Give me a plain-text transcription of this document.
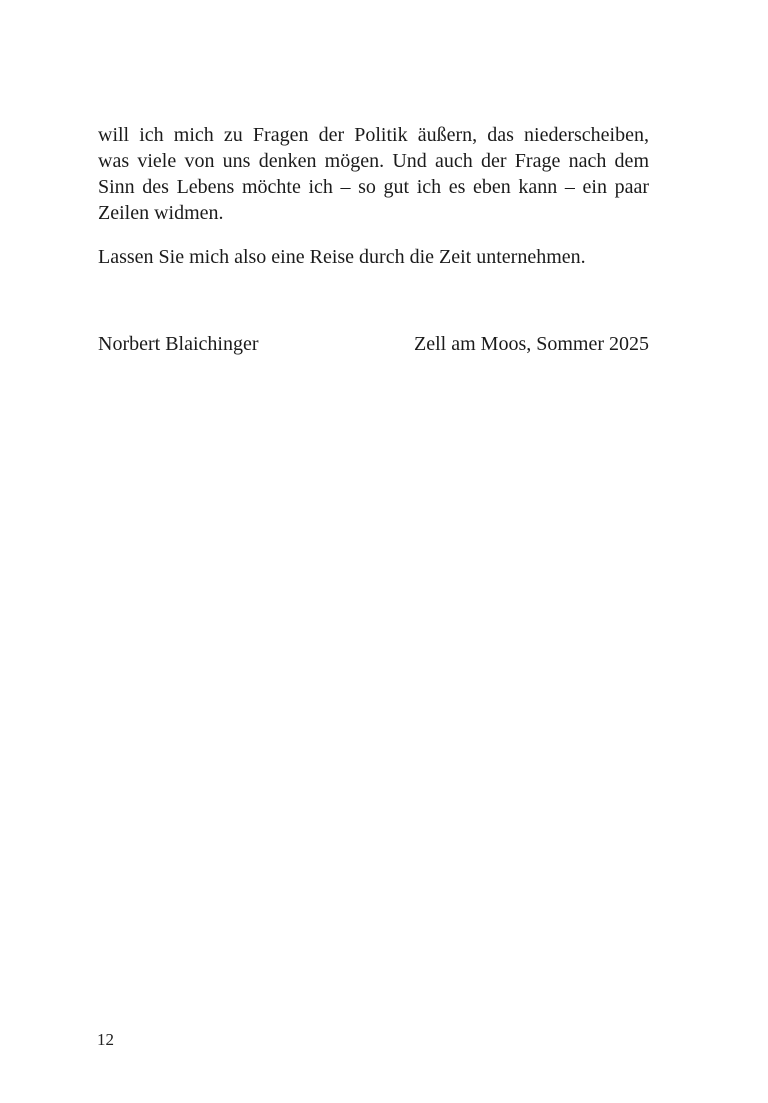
will ich mich zu Fragen der Politik äußern, das niederscheiben,
was viele von uns denken mögen. Und auch der Frage nach dem
Sinn des Lebens möchte ich – so gut ich es eben kann – ein paar
Zeilen widmen.
Lassen Sie mich also eine Reise durch die Zeit unternehmen.
Norbert Blaichinger	Zell am Moos, Sommer 2025
12
